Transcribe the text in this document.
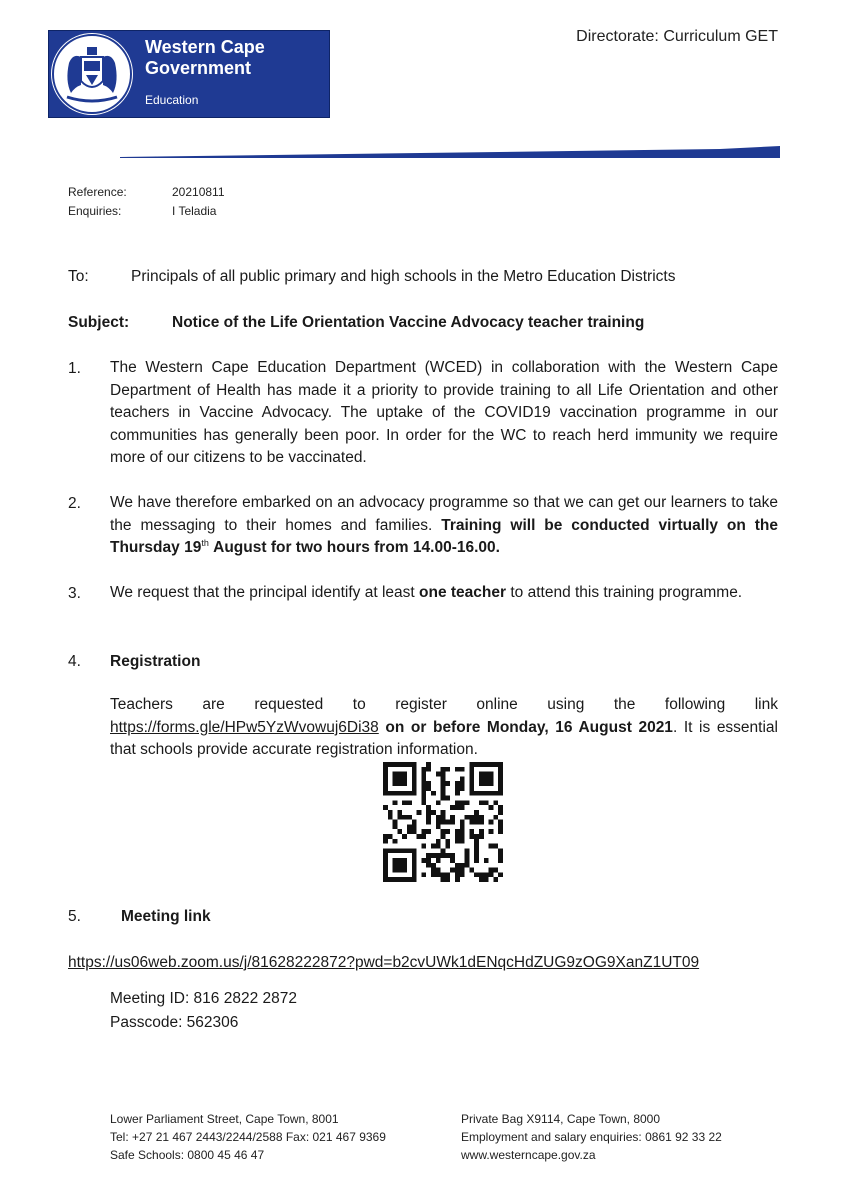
Western Cape
Government
Education
Directorate: Curriculum GET
Reference:	20210811
Enquiries:	I Teladia
To:	Principals of all public primary and high schools in the Metro Education Districts
Subject:	Notice of the Life Orientation Vaccine Advocacy teacher training
1. The Western Cape Education Department (WCED) in collaboration with the Western Cape Department of Health has made it a priority to provide training to all Life Orientation and other teachers in Vaccine Advocacy. The uptake of the COVID19 vaccination programme in our communities has generally been poor. In order for the WC to reach herd immunity we require more of our citizens to be vaccinated.
2. We have therefore embarked on an advocacy programme so that we can get our learners to take the messaging to their homes and families. Training will be conducted virtually on the Thursday 19th August for two hours from 14.00-16.00.
3. We request that the principal identify at least one teacher to attend this training programme.
4. Registration
Teachers are requested to register online using the following link https://forms.gle/HPw5YzWvowuj6Di38 on or before Monday, 16 August 2021. It is essential that schools provide accurate registration information.
5.	Meeting link
https://us06web.zoom.us/j/81628222872?pwd=b2cvUWk1dENqcHdZUG9zOG9XanZ1UT09
Meeting ID: 816 2822 2872
Passcode: 562306
Lower Parliament Street, Cape Town, 8001
Tel: +27 21 467 2443/2244/2588 Fax: 021 467 9369
Safe Schools: 0800 45 46 47
Private Bag X9114, Cape Town, 8000
Employment and salary enquiries: 0861 92 33 22
www.westerncape.gov.za
